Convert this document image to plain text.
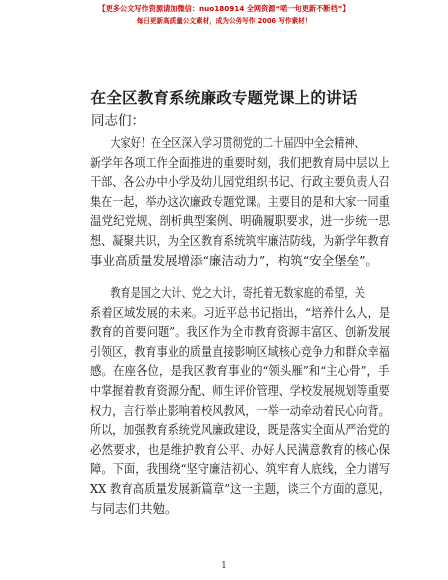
【更多公文写作资源请加微信：nuo180914 全网资源“喏一句更新不断档”】
每日更新高质量公文素材，成为公务写作 2006 写作素材！
在全区教育系统廉政专题党课上的讲话
同志们：
大家好！在全区深入学习贯彻党的二十届四中全会精神、
新学年各项工作全面推进的重要时刻，我们把教育局中层以上
干部、各公办中小学及幼儿园党组织书记、行政主要负责人召
集在一起，举办这次廉政专题党课。主要目的是和大家一同重
温党纪党规、剖析典型案例、明确履职要求，进一步统一思
想、凝聚共识，为全区教育系统筑牢廉洁防线，为新学年教育
事业高质量发展增添“廉洁动力”，构筑“安全堡垒”。
教育是国之大计、党之大计，寄托着无数家庭的希望，关
系着区域发展的未来。习近平总书记指出，“培养什么人，是
教育的首要问题”。我区作为全市教育资源丰富区、创新发展
引领区，教育事业的质量直接影响区域核心竞争力和群众幸福
感。在座各位，是我区教育事业的“领头雁”和“主心骨”，手
中掌握着教育资源分配、师生评价管理、学校发展规划等重要
权力，言行举止影响着校风教风，一举一动牵动着民心向背。
所以，加强教育系统党风廉政建设，既是落实全面从严治党的
必然要求，也是维护教育公平、办好人民满意教育的核心保
障。下面，我围绕“坚守廉洁初心、筑牢育人底线，全力谱写
XX 教育高质量发展新篇章”这一主题，谈三个方面的意见，
与同志们共勉。
1
